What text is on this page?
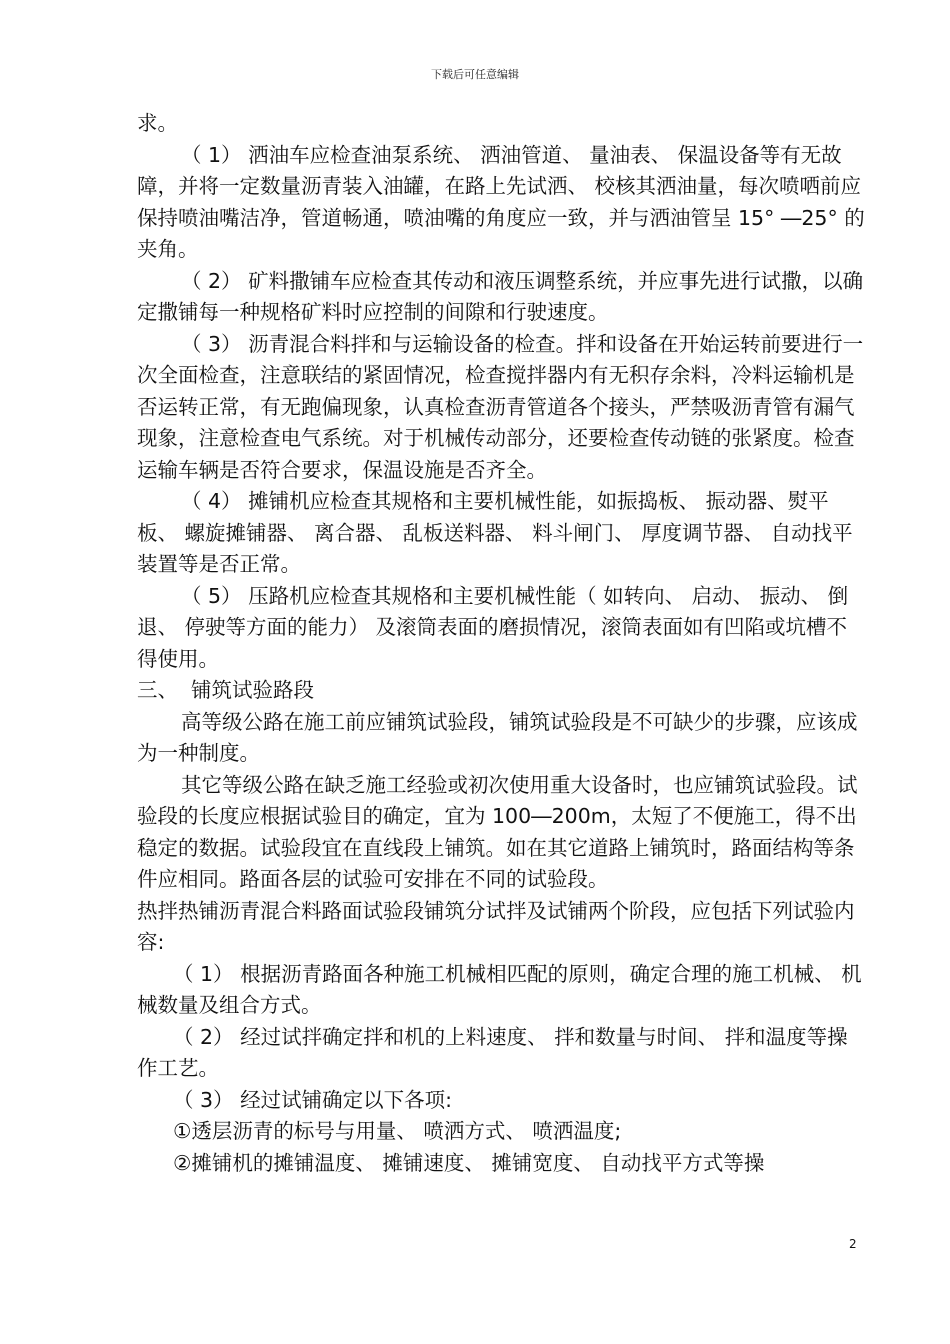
下载后可任意编辑

求。

（ 1） 洒油车应检查油泵系统、 洒油管道、 量油表、 保温设备等有无故障，并将一定数量沥青装入油罐，在路上先试洒、 校核其洒油量，每次喷哂前应保持喷油嘴洁净，管道畅通，喷油嘴的角度应一致，并与洒油管呈 15° ―25° 的夹角。

（ 2） 矿料撒铺车应检查其传动和液压调整系统，并应事先进行试撒，以确定撒铺每一种规格矿料时应控制的间隙和行驶速度。

（ 3） 沥青混合料拌和与运输设备的检查。拌和设备在开始运转前要进行一次全面检查，注意联结的紧固情况，检查搅拌器内有无积存余料，冷料运输机是否运转正常，有无跑偏现象，认真检查沥青管道各个接头，严禁吸沥青管有漏气现象，注意检查电气系统。对于机械传动部分，还要检查传动链的张紧度。检查运输车辆是否符合要求，保温设施是否齐全。

（ 4） 摊铺机应检查其规格和主要机械性能，如振捣板、 振动器、熨平板、 螺旋摊铺器、 离合器、 乱板送料器、 料斗闸门、 厚度调节器、 自动找平装置等是否正常。

（ 5） 压路机应检查其规格和主要机械性能（ 如转向、 启动、 振动、 倒退、 停驶等方面的能力） 及滚筒表面的磨损情况，滚筒表面如有凹陷或坑槽不得使用。

三、  铺筑试验路段

高等级公路在施工前应铺筑试验段，铺筑试验段是不可缺少的步骤，应该成为一种制度。

其它等级公路在缺乏施工经验或初次使用重大设备时，也应铺筑试验段。试验段的长度应根据试验目的确定，宜为 100―200m，太短了不便施工，得不出稳定的数据。试验段宜在直线段上铺筑。如在其它道路上铺筑时，路面结构等条件应相同。路面各层的试验可安排在不同的试验段。

热拌热铺沥青混合料路面试验段铺筑分试拌及试铺两个阶段，应包括下列试验内容:

（ 1） 根据沥青路面各种施工机械相匹配的原则，确定合理的施工机械、 机械数量及组合方式。

（ 2） 经过试拌确定拌和机的上料速度、 拌和数量与时间、 拌和温度等操作工艺。

（ 3） 经过试铺确定以下各项:

①透层沥青的标号与用量、 喷洒方式、 喷洒温度;

②摊铺机的摊铺温度、 摊铺速度、 摊铺宽度、 自动找平方式等操

2
